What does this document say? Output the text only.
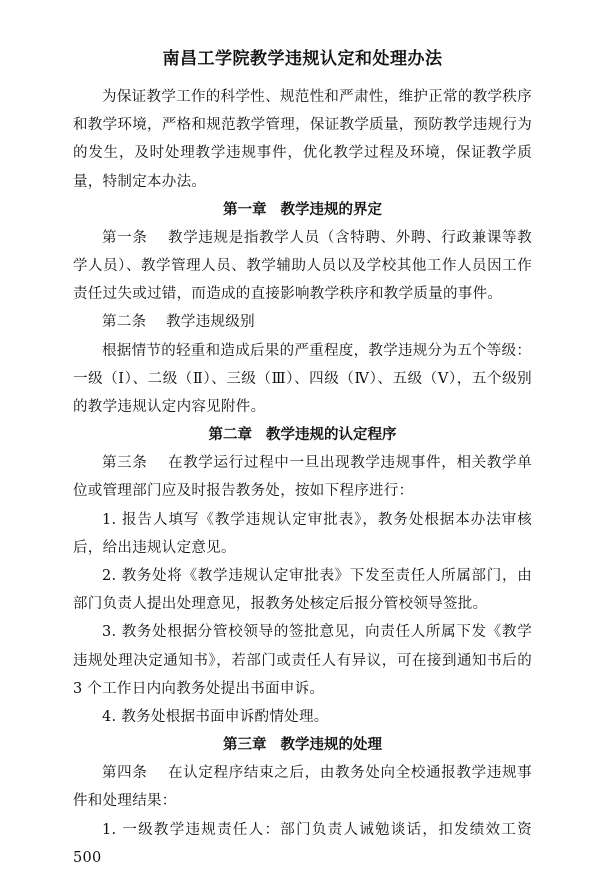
南昌工学院教学违规认定和处理办法

为保证教学工作的科学性、规范性和严肃性，维护正常的教学秩序和教学环境，严格和规范教学管理，保证教学质量，预防教学违规行为的发生，及时处理教学违规事件，优化教学过程及环境，保证教学质量，特制定本办法。

第一章 教学违规的界定

第一条　 教学违规是指教学人员（含特聘、外聘、行政兼课等教学人员）、教学管理人员、教学辅助人员以及学校其他工作人员因工作责任过失或过错，而造成的直接影响教学秩序和教学质量的事件。

第二条　 教学违规级别

根据情节的轻重和造成后果的严重程度，教学违规分为五个等级：

一级（Ⅰ）、二级（Ⅱ）、三级（Ⅲ）、四级（Ⅳ）、五级（Ⅴ），五个级别的教学违规认定内容见附件。

第二章 教学违规的认定程序

第三条　 在教学运行过程中一旦出现教学违规事件，相关教学单位或管理部门应及时报告教务处，按如下程序进行：

1. 报告人填写《教学违规认定审批表》，教务处根据本办法审核后，给出违规认定意见。

2. 教务处将《教学违规认定审批表》下发至责任人所属部门，由部门负责人提出处理意见，报教务处核定后报分管校领导签批。

3. 教务处根据分管校领导的签批意见，向责任人所属下发《教学违规处理决定通知书》，若部门或责任人有异议，可在接到通知书后的 3 个工作日内向教务处提出书面申诉。

4. 教务处根据书面申诉酌情处理。

第三章 教学违规的处理

第四条　 在认定程序结束之后，由教务处向全校通报教学违规事件和处理结果：

1. 一级教学违规责任人：部门负责人诫勉谈话，扣发绩效工资 500
